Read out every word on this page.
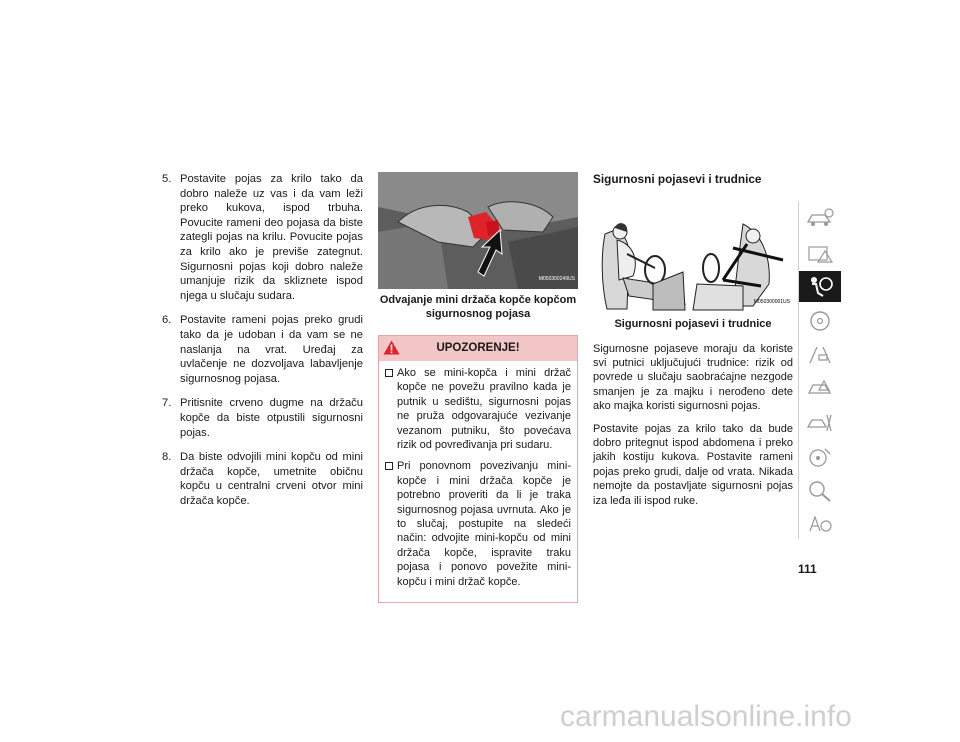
5. Postavite pojas za krilo tako da dobro naleže uz vas i da vam leži preko kukova, ispod trbuha. Povucite rameni deo pojasa da biste zategli pojas na krilu. Povucite pojas za krilo ako je previše zategnut. Sigurnosni pojas koji dobro naleže umanjuje rizik da skliznete ispod njega u slučaju sudara.
6. Postavite rameni pojas preko grudi tako da je udoban i da vam se ne naslanja na vrat. Uređaj za uvlačenje ne dozvoljava labavljenje sigurnosnog pojasa.
7. Pritisnite crveno dugme na držaču kopče da biste otpustili sigurnosni pojas.
8. Da biste odvojili mini kopču od mini držača kopče, umetnite običnu kopču u centralni crveni otvor mini držača kopče.
M050300249US
Odvajanje mini držača kopče kopčom sigurnosnog pojasa
UPOZORENJE!
Ako se mini-kopča i mini držač kopče ne povežu pravilno kada je putnik u sedištu, sigurnosni pojas ne pruža odgovarajuće vezivanje vezanom putniku, što povećava rizik od povređivanja pri sudaru.
Pri ponovnom povezivanju mini-kopče i mini držača kopče je potrebno proveriti da li je traka sigurnosnog pojasa uvrnuta. Ako je to slučaj, postupite na sledeći način: odvojite mini-kopču od mini držača kopče, ispravite traku pojasa i ponovo povežite mini-kopču i mini držač kopče.
Sigurnosni pojasevi i trudnice
M050300001US
Sigurnosni pojasevi i trudnice

Sigurnosne pojaseve moraju da koriste svi putnici uključujući trudnice: rizik od povrede u slučaju saobraćajne nezgode smanjen je za majku i nerođeno dete ako majka koristi sigurnosni pojas.

Postavite pojas za krilo tako da bude dobro pritegnut ispod abdomena i preko jakih kostiju kukova. Postavite rameni pojas preko grudi, dalje od vrata. Nikada nemojte da postavljate sigurnosni pojas iza leđa ili ispod ruke.

111
carmanualsonline.info
